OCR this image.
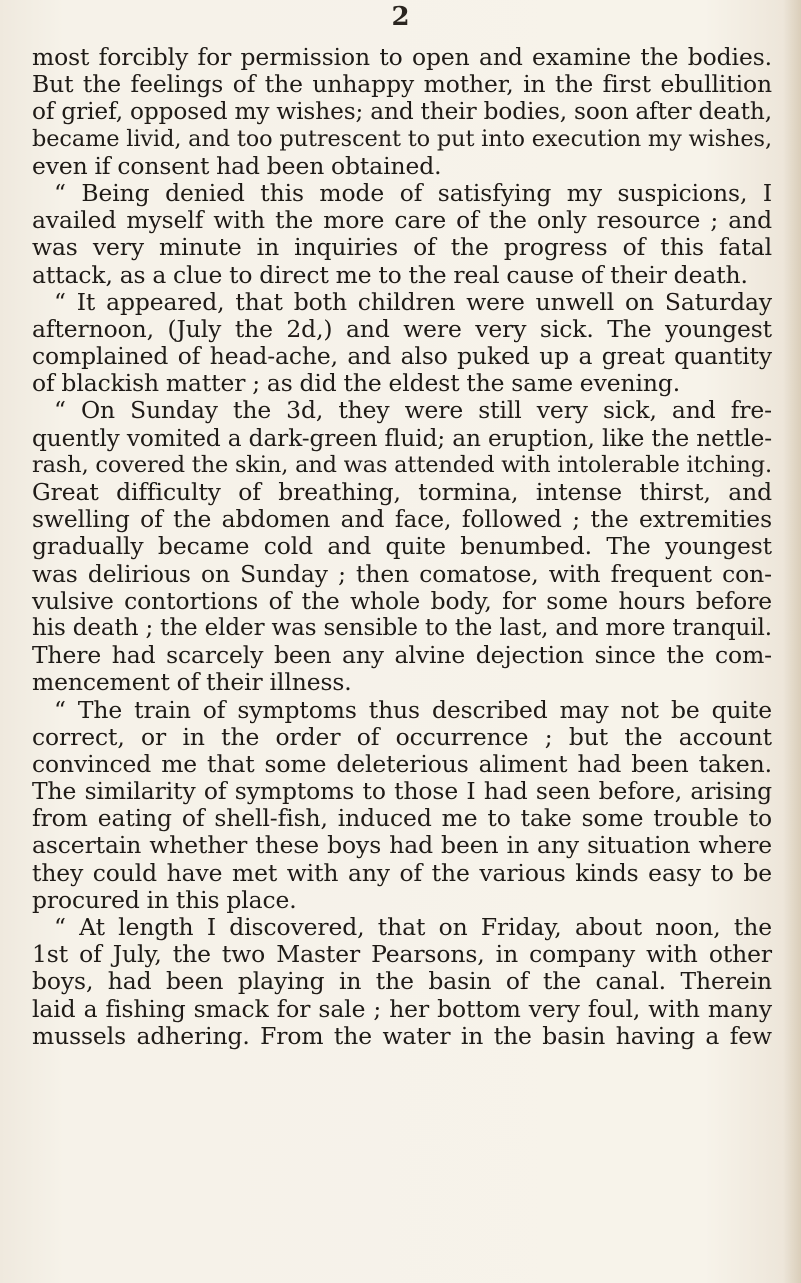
2
most forcibly for permission to open and examine the bodies.
But the feelings of the unhappy mother, in the first ebullition
of grief, opposed my wishes; and their bodies, soon after death,
became livid, and too putrescent to put into execution my wishes,
even if consent had been obtained.
“ Being denied this mode of satisfying my suspicions, I
availed myself with the more care of the only resource ; and
was very minute in inquiries of the progress of this fatal
attack, as a clue to direct me to the real cause of their death.
“ It appeared, that both children were unwell on Saturday
afternoon, (July the 2d,) and were very sick. The youngest
complained of head-ache, and also puked up a great quantity
of blackish matter ; as did the eldest the same evening.
“ On Sunday the 3d, they were still very sick, and fre-
quently vomited a dark-green fluid; an eruption, like the nettle-
rash, covered the skin, and was attended with intolerable itching.
Great difficulty of breathing, tormina, intense thirst, and
swelling of the abdomen and face, followed ; the extremities
gradually became cold and quite benumbed. The youngest
was delirious on Sunday ; then comatose, with frequent con-
vulsive contortions of the whole body, for some hours before
his death ; the elder was sensible to the last, and more tranquil.
There had scarcely been any alvine dejection since the com-
mencement of their illness.
“ The train of symptoms thus described may not be quite
correct, or in the order of occurrence ; but the account
convinced me that some deleterious aliment had been taken.
The similarity of symptoms to those I had seen before, arising
from eating of shell-fish, induced me to take some trouble to
ascertain whether these boys had been in any situation where
they could have met with any of the various kinds easy to be
procured in this place.
“ At length I discovered, that on Friday, about noon, the
1st of July, the two Master Pearsons, in company with other
boys, had been playing in the basin of the canal. Therein
laid a fishing smack for sale ; her bottom very foul, with many
mussels adhering. From the water in the basin having a few
